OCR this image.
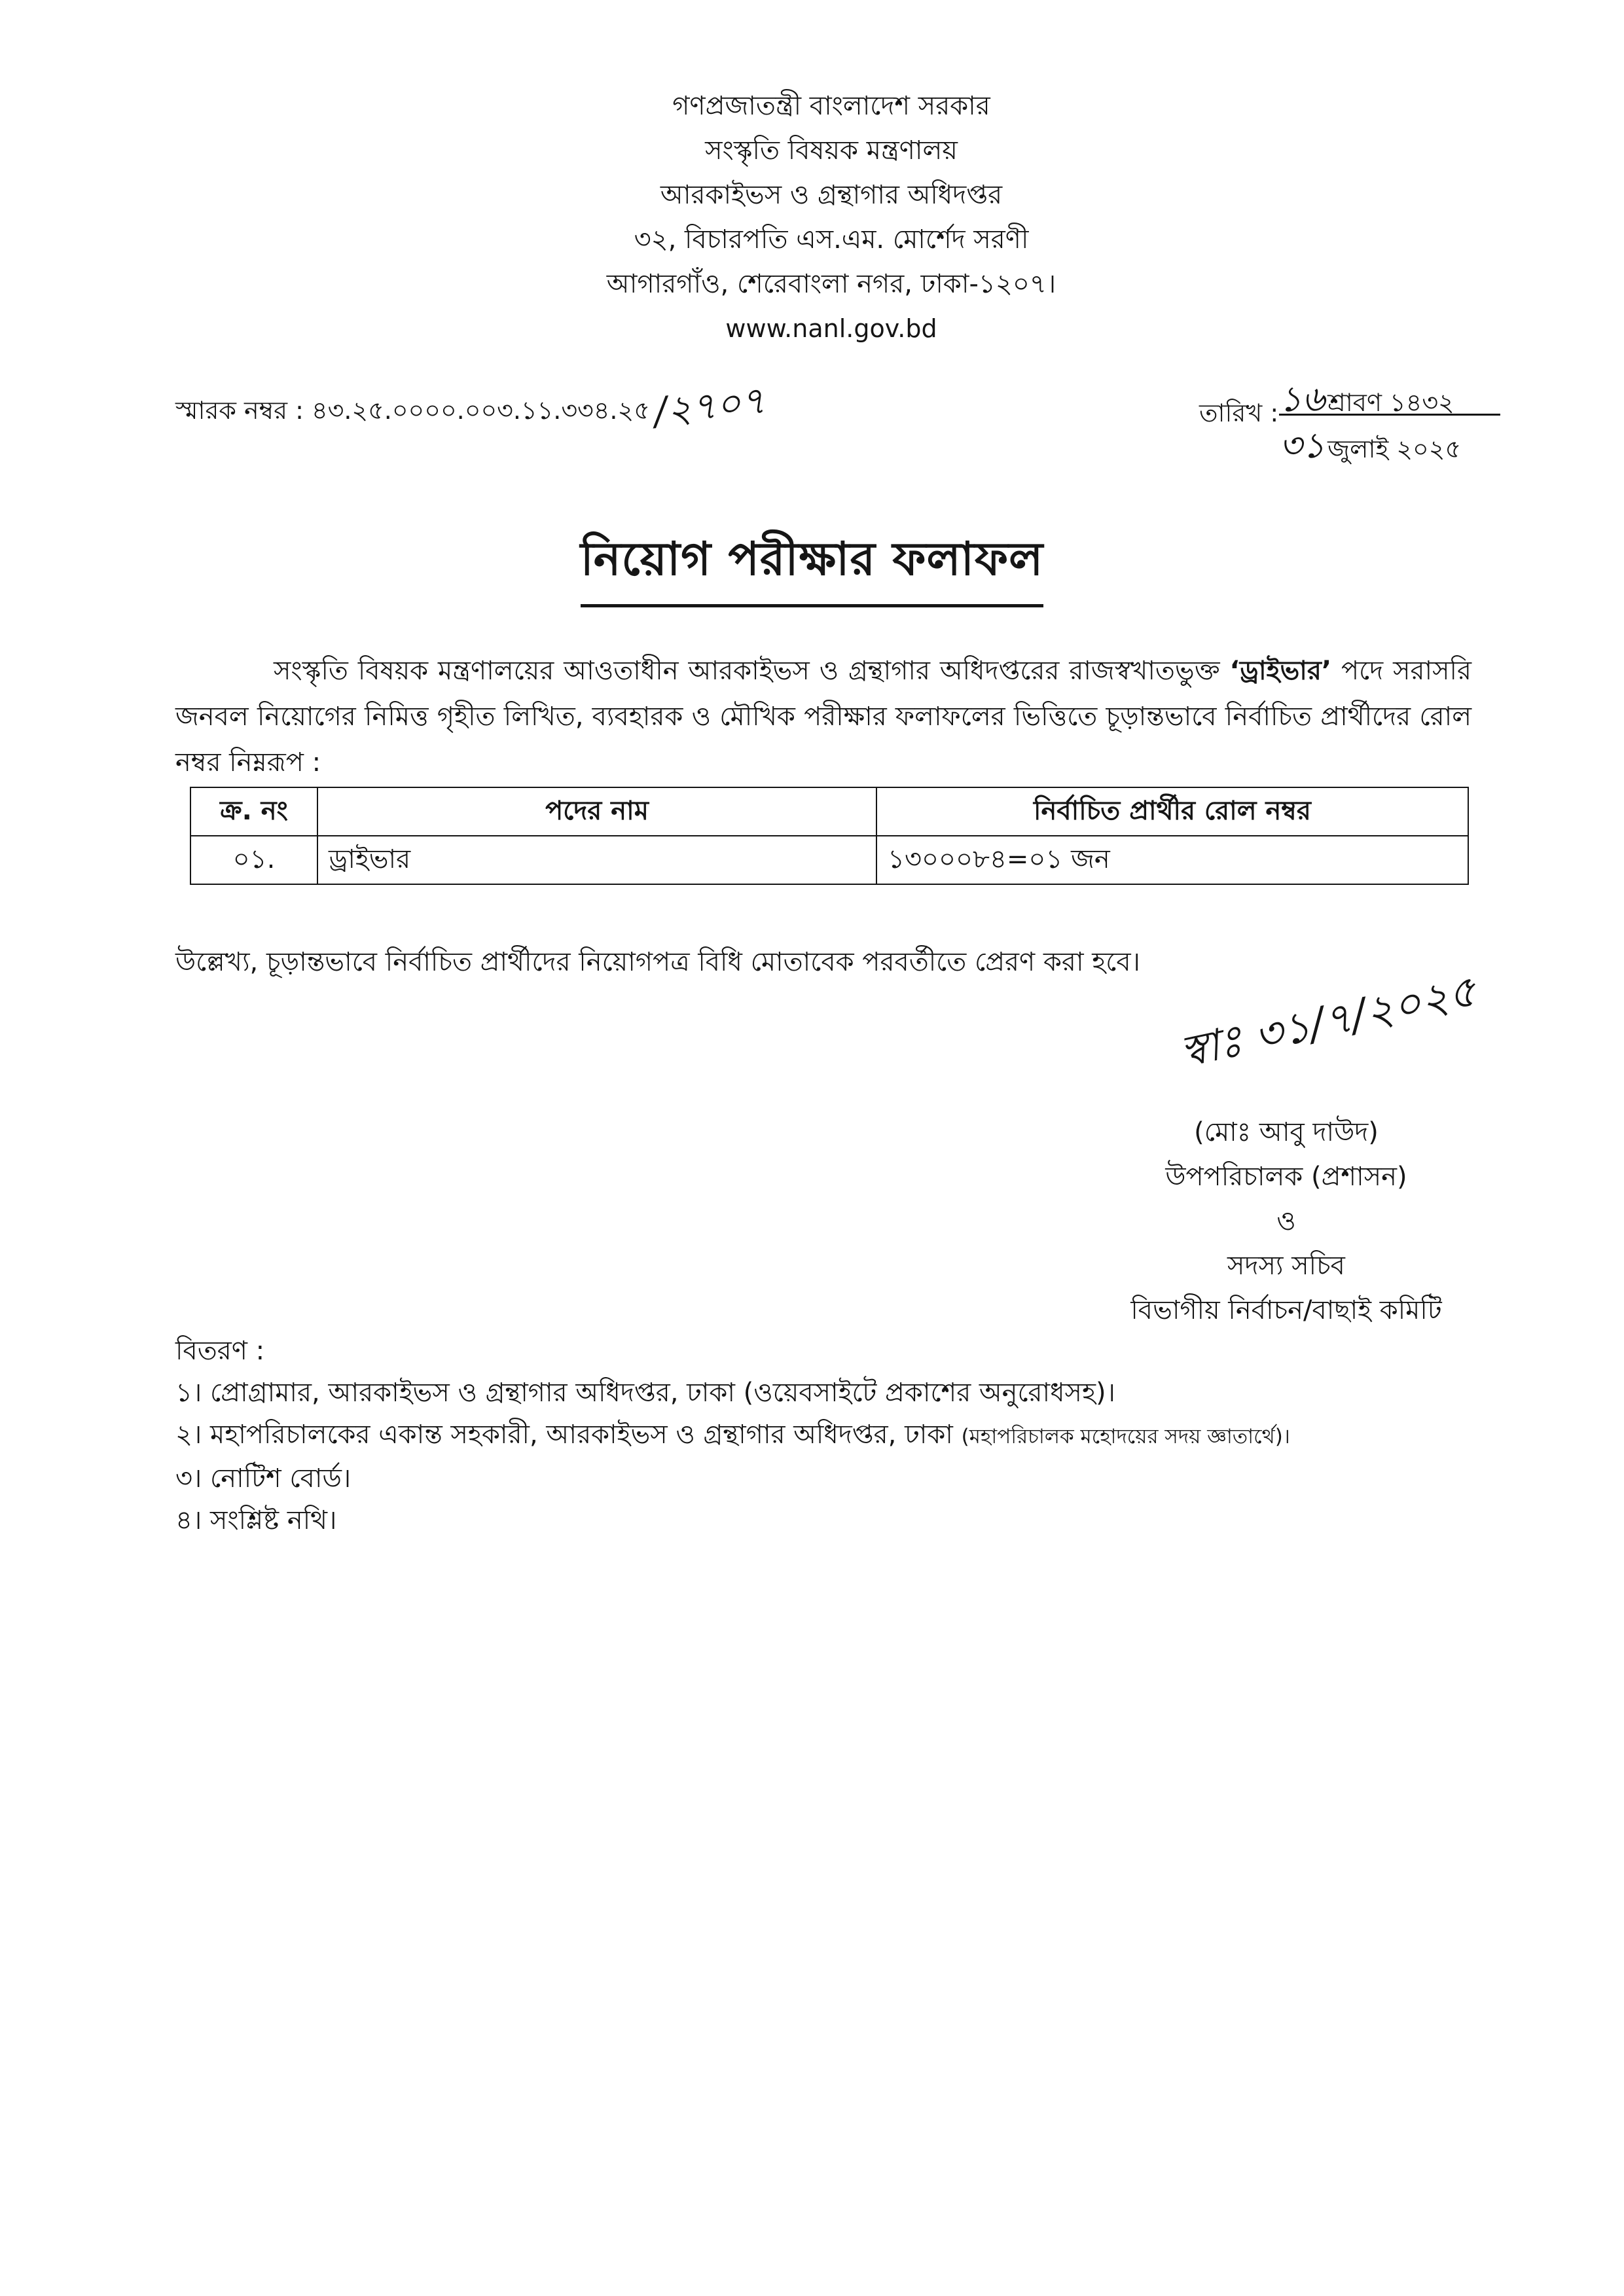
গণপ্রজাতন্ত্রী বাংলাদেশ সরকার
সংস্কৃতি বিষয়ক মন্ত্রণালয়
আরকাইভস ও গ্রন্থাগার অধিদপ্তর
৩২, বিচারপতি এস.এম. মোর্শেদ সরণী
আগারগাঁও, শেরেবাংলা নগর, ঢাকা-১২০৭।
www.nanl.gov.bd
স্মারক নম্বর : ৪৩.২৫.০০০০.০০৩.১১.৩৩৪.২৫/২৭০৭	তারিখ : ১৬ শ্রাবণ ১৪৩২
৩১ জুলাই ২০২৫
নিয়োগ পরীক্ষার ফলাফল
সংস্কৃতি বিষয়ক মন্ত্রণালয়ের আওতাধীন আরকাইভস ও গ্রন্থাগার অধিদপ্তরের রাজস্বখাতভুক্ত ‘ড্রাইভার’ পদে সরাসরি জনবল নিয়োগের নিমিত্ত গৃহীত লিখিত, ব্যবহারক ও মৌখিক পরীক্ষার ফলাফলের ভিত্তিতে চূড়ান্তভাবে নির্বাচিত প্রার্থীদের রোল নম্বর নিম্নরূপ :
ক্র. নং	পদের নাম	নির্বাচিত প্রার্থীর রোল নম্বর
০১.	ড্রাইভার	১৩০০০৮৪=০১ জন
উল্লেখ্য, চূড়ান্তভাবে নির্বাচিত প্রার্থীদের নিয়োগপত্র বিধি মোতাবেক পরবর্তীতে প্রেরণ করা হবে।
স্বাঃ ৩১/৭/২০২৫
(মোঃ আবু দাউদ)
উপপরিচালক (প্রশাসন)
ও
সদস্য সচিব
বিভাগীয় নির্বাচন/বাছাই কমিটি
বিতরণ :
১। প্রোগ্রামার, আরকাইভস ও গ্রন্থাগার অধিদপ্তর, ঢাকা (ওয়েবসাইটে প্রকাশের অনুরোধসহ)।
২। মহাপরিচালকের একান্ত সহকারী, আরকাইভস ও গ্রন্থাগার অধিদপ্তর, ঢাকা (মহাপরিচালক মহোদয়ের সদয় জ্ঞাতার্থে)।
৩। নোটিশ বোর্ড।
৪। সংশ্লিষ্ট নথি।
